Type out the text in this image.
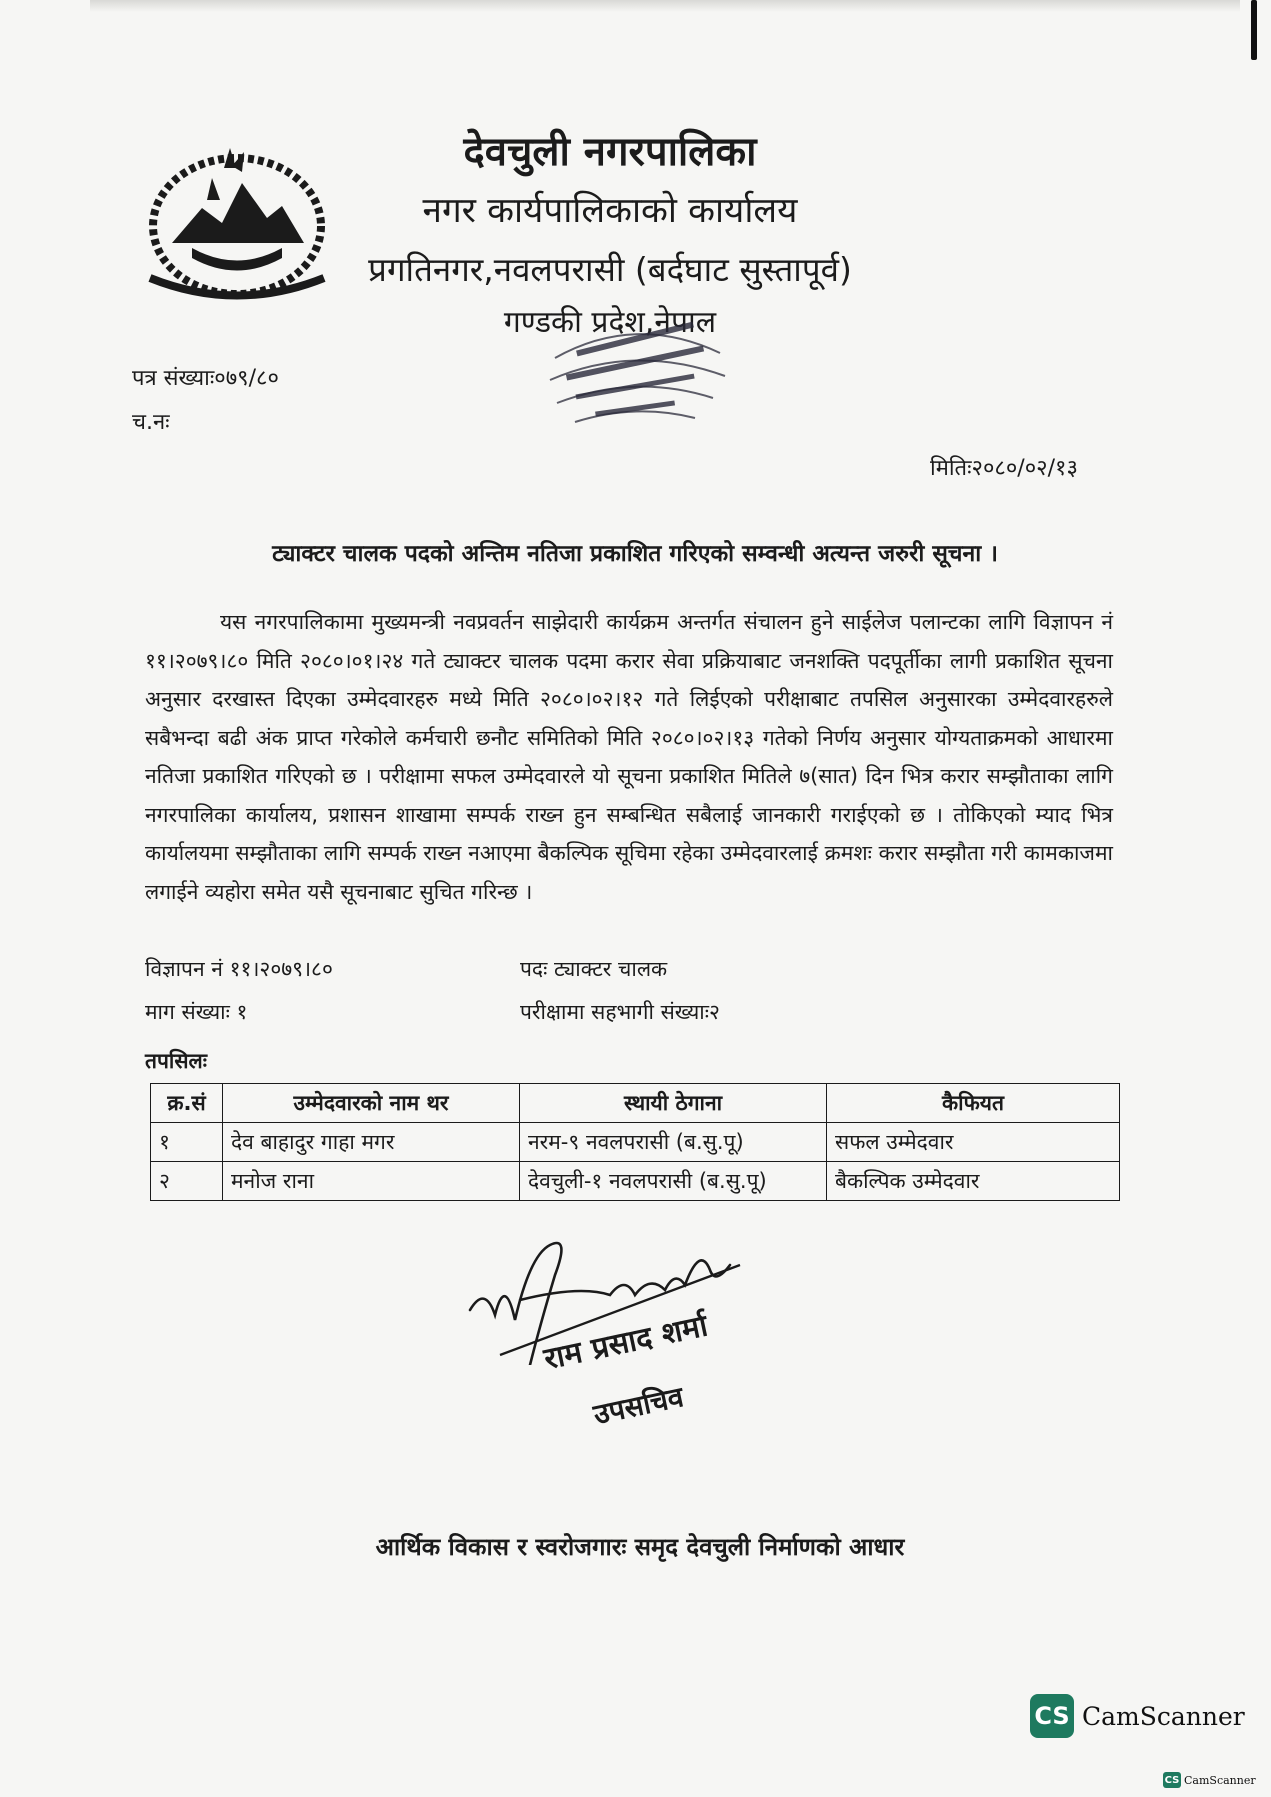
देवचुली नगरपालिका
नगर कार्यपालिकाको कार्यालय
प्रगतिनगर,नवलपरासी (बर्दघाट सुस्तापूर्व)
गण्डकी प्रदेश,नेपाल
पत्र संख्याः०७९/८०
च.नः
मितिः२०८०/०२/१३
ट्याक्टर चालक पदको अन्तिम नतिजा प्रकाशित गरिएको सम्वन्धी अत्यन्त जरुरी सूचना ।
यस नगरपालिकामा मुख्यमन्त्री नवप्रवर्तन साझेदारी कार्यक्रम अन्तर्गत संचालन हुने साईलेज पलान्टका लागि विज्ञापन नं ११।२०७९।८० मिति २०८०।०१।२४ गते ट्याक्टर चालक पदमा करार सेवा प्रक्रियाबाट जनशक्ति पदपूर्तीका लागी प्रकाशित सूचना अनुसार दरखास्त दिएका उम्मेदवारहरु मध्ये मिति २०८०।०२।१२ गते लिईएको परीक्षाबाट तपसिल अनुसारका उम्मेदवारहरुले सबैभन्दा बढी अंक प्राप्त गरेकोले कर्मचारी छनौट समितिको मिति २०८०।०२।१३ गतेको निर्णय अनुसार योग्यताक्रमको आधारमा नतिजा प्रकाशित गरिएको छ । परीक्षामा सफल उम्मेदवारले यो सूचना प्रकाशित मितिले ७(सात) दिन भित्र करार सम्झौताका लागि नगरपालिका कार्यालय, प्रशासन शाखामा सम्पर्क राख्न हुन सम्बन्धित सबैलाई जानकारी गराईएको छ । तोकिएको म्याद भित्र कार्यालयमा सम्झौताका लागि सम्पर्क राख्न नआएमा बैकल्पिक सूचिमा रहेका उम्मेदवारलाई क्रमशः करार सम्झौता गरी कामकाजमा लगाईने व्यहोरा समेत यसै सूचनाबाट सुचित गरिन्छ ।
विज्ञापन नं ११।२०७९।८०	पदः ट्याक्टर चालक
माग संख्याः १	परीक्षामा सहभागी संख्याः२
तपसिलः
क्र.सं	उम्मेदवारको नाम थर	स्थायी ठेगाना	कैफियत
१	देव बाहादुर गाहा मगर	नरम-९ नवलपरासी (ब.सु.पू)	सफल उम्मेदवार
२	मनोज राना	देवचुली-१ नवलपरासी (ब.सु.पू)	बैकल्पिक उम्मेदवार
राम प्रसाद शर्मा
उपसचिव
आर्थिक विकास र स्वरोजगारः समृद देवचुली निर्माणको आधार
CS CamScanner
CS CamScanner
